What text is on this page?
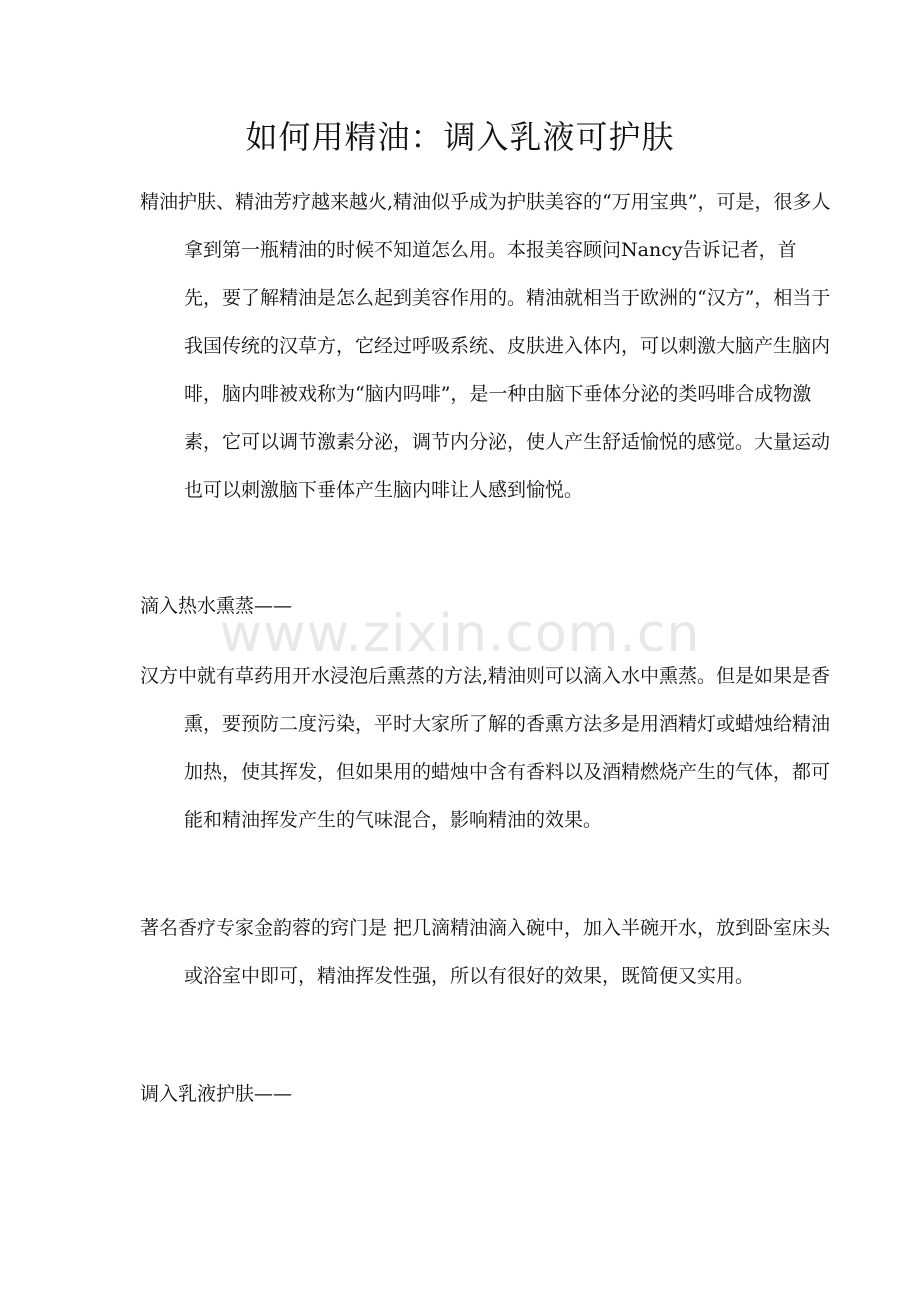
如何用精油：调入乳液可护肤
精油护肤、精油芳疗越来越火,精油似乎成为护肤美容的“万用宝典”，可是，很多人拿到第一瓶精油的时候不知道怎么用。本报美容顾问Nancy告诉记者，首先，要了解精油是怎么起到美容作用的。精油就相当于欧洲的“汉方”，相当于我国传统的汉草方，它经过呼吸系统、皮肤进入体内，可以刺激大脑产生脑内啡，脑内啡被戏称为“脑内吗啡”，是一种由脑下垂体分泌的类吗啡合成物激素，它可以调节激素分泌，调节内分泌，使人产生舒适愉悦的感觉。大量运动也可以刺激脑下垂体产生脑内啡让人感到愉悦。
滴入热水熏蒸——
www.zixin.com.cn
汉方中就有草药用开水浸泡后熏蒸的方法,精油则可以滴入水中熏蒸。但是如果是香熏，要预防二度污染，平时大家所了解的香熏方法多是用酒精灯或蜡烛给精油加热，使其挥发，但如果用的蜡烛中含有香料以及酒精燃烧产生的气体，都可能和精油挥发产生的气味混合，影响精油的效果。
著名香疗专家金韵蓉的窍门是 把几滴精油滴入碗中，加入半碗开水，放到卧室床头或浴室中即可，精油挥发性强，所以有很好的效果，既简便又实用。
调入乳液护肤——
